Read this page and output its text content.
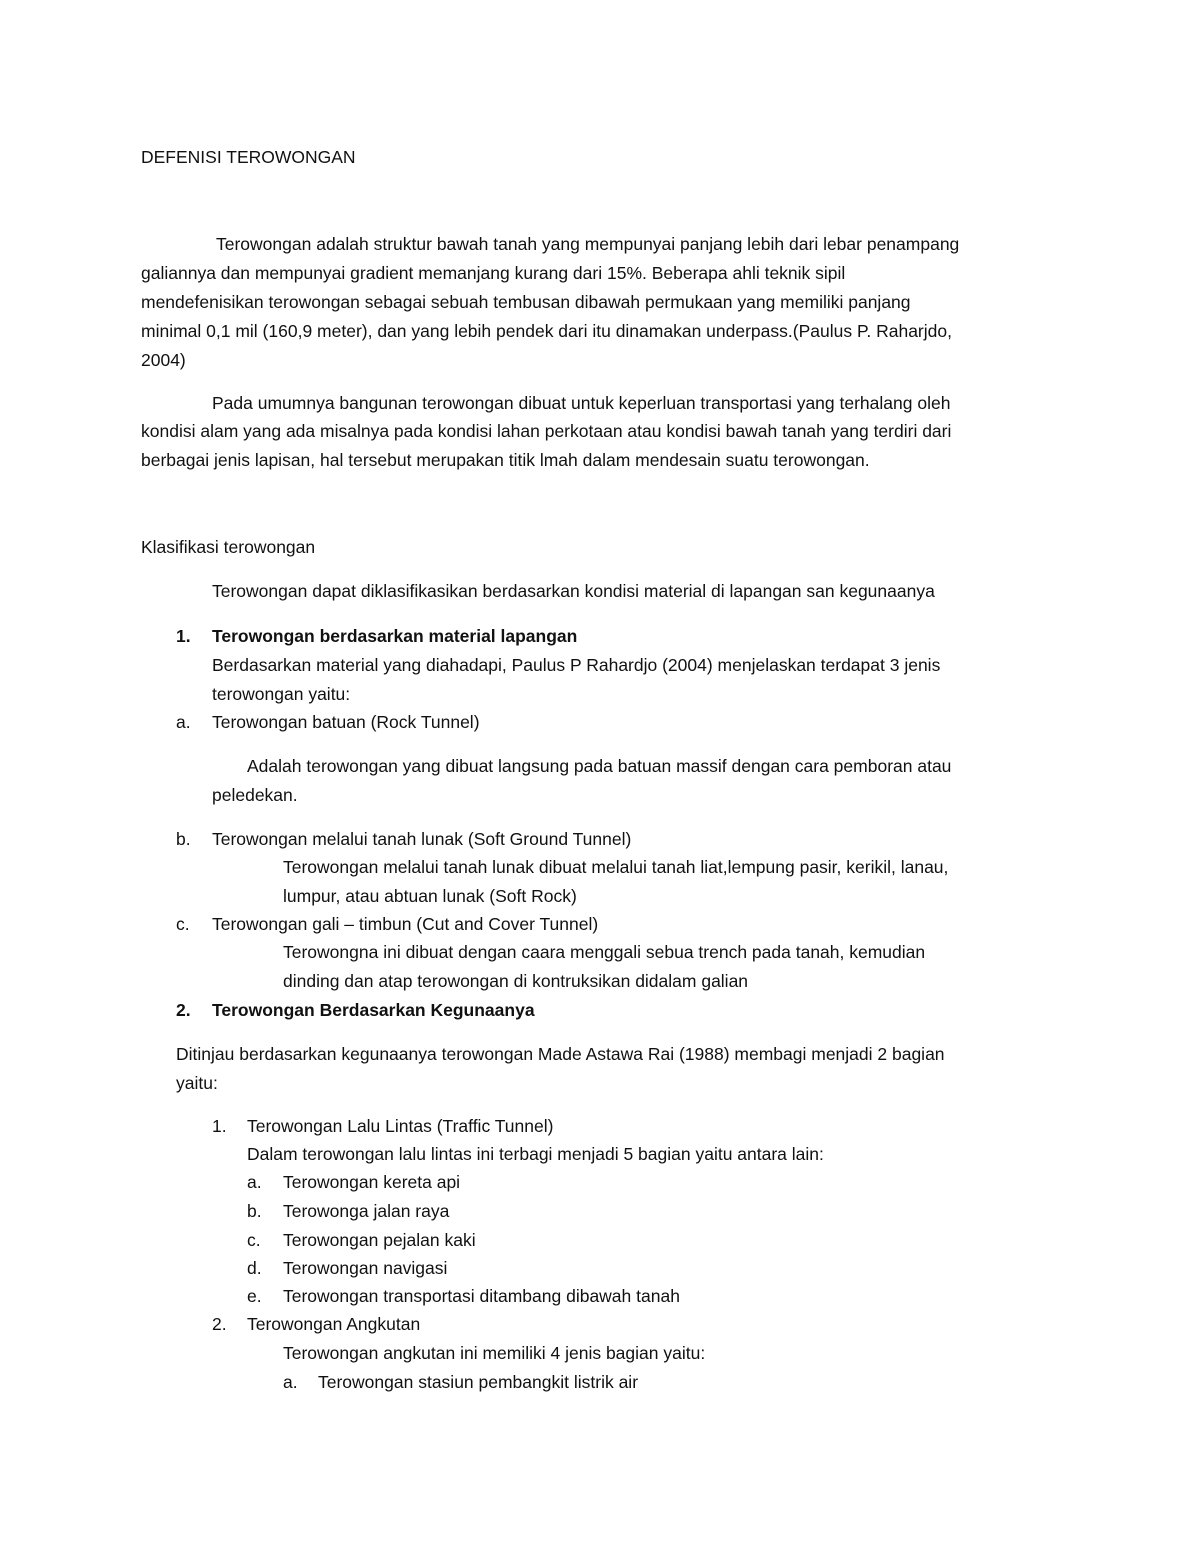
DEFENISI TEROWONGAN
Terowongan adalah struktur bawah tanah yang mempunyai panjang lebih dari lebar penampang
galiannya dan mempunyai gradient memanjang kurang dari 15%. Beberapa ahli teknik sipil
mendefenisikan terowongan sebagai sebuah tembusan dibawah permukaan yang memiliki panjang
minimal 0,1 mil (160,9 meter), dan yang lebih pendek dari itu dinamakan underpass.(Paulus P. Raharjdo,
2004)
Pada umumnya bangunan terowongan dibuat untuk keperluan transportasi yang terhalang oleh
kondisi alam yang ada misalnya pada kondisi lahan perkotaan atau kondisi bawah tanah yang terdiri dari
berbagai jenis lapisan, hal tersebut merupakan titik lmah dalam mendesain suatu terowongan.
Klasifikasi terowongan
Terowongan dapat diklasifikasikan berdasarkan kondisi material di lapangan san kegunaanya
1. Terowongan berdasarkan material lapangan
Berdasarkan material yang diahadapi, Paulus P Rahardjo (2004) menjelaskan terdapat 3 jenis
terowongan yaitu:
a. Terowongan batuan (Rock Tunnel)
Adalah terowongan yang dibuat langsung pada batuan massif dengan cara pemboran atau
peledekan.
b. Terowongan melalui tanah lunak (Soft Ground Tunnel)
Terowongan melalui tanah lunak dibuat melalui tanah liat,lempung pasir, kerikil, lanau,
lumpur, atau abtuan lunak (Soft Rock)
c. Terowongan gali – timbun (Cut and Cover Tunnel)
Terowongna ini dibuat dengan caara menggali sebua trench pada tanah, kemudian
dinding dan atap terowongan di kontruksikan didalam galian
2. Terowongan Berdasarkan Kegunaanya
Ditinjau berdasarkan kegunaanya terowongan Made Astawa Rai (1988) membagi menjadi 2 bagian
yaitu:
1. Terowongan Lalu Lintas (Traffic Tunnel)
Dalam terowongan lalu lintas ini terbagi menjadi 5 bagian yaitu antara lain:
a. Terowongan kereta api
b. Terowonga jalan raya
c. Terowongan pejalan kaki
d. Terowongan navigasi
e. Terowongan transportasi ditambang dibawah tanah
2. Terowongan Angkutan
Terowongan angkutan ini memiliki 4 jenis bagian yaitu:
a. Terowongan stasiun pembangkit listrik air
